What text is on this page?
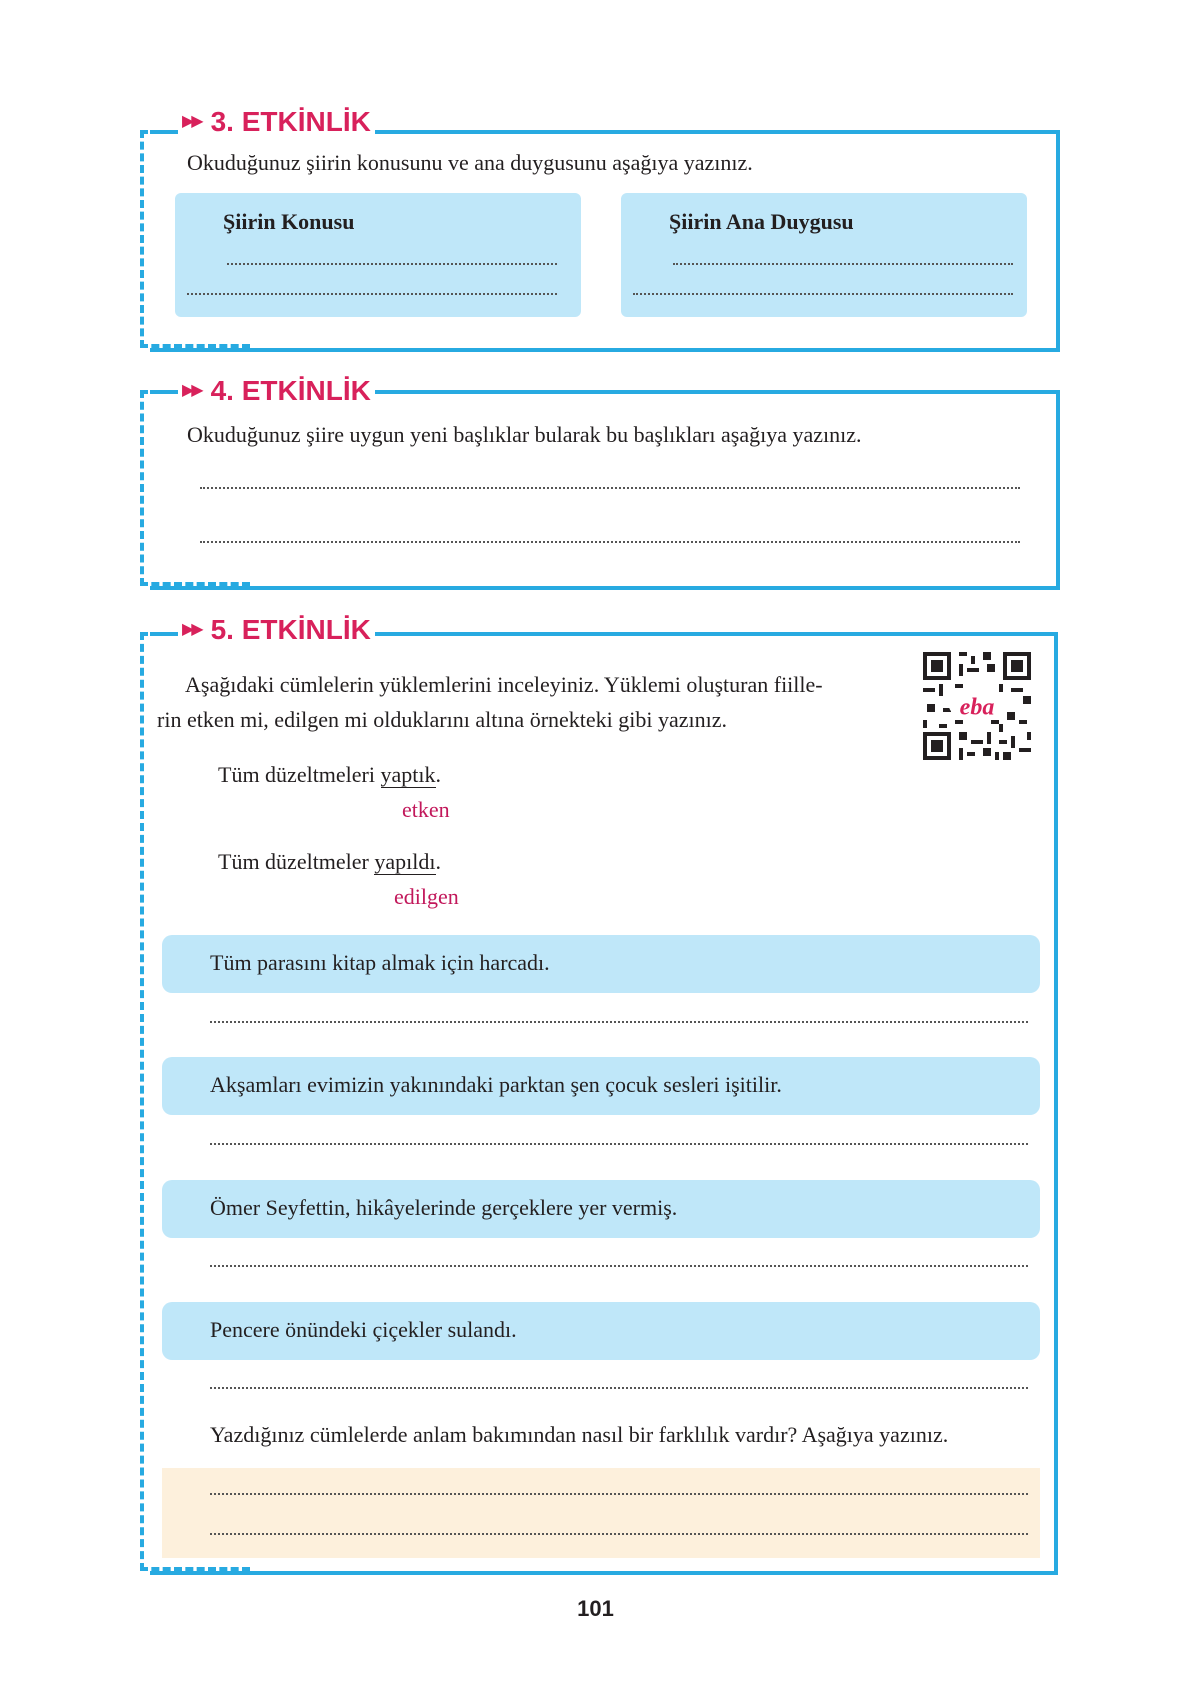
▶▶ 3. ETKİNLİK
Okuduğunuz şiirin konusunu ve ana duygusunu aşağıya yazınız.
Şiirin Konusu	Şiirin Ana Duygusu
▶▶ 4. ETKİNLİK
Okuduğunuz şiire uygun yeni başlıklar bularak bu başlıkları aşağıya yazınız.
▶▶ 5. ETKİNLİK
Aşağıdaki cümlelerin yüklemlerini inceleyiniz. Yüklemi oluşturan fiille-
rin etken mi, edilgen mi olduklarını altına örnekteki gibi yazınız.	eba
Tüm düzeltmeleri yaptık.
etken
Tüm düzeltmeler yapıldı.
edilgen
Tüm parasını kitap almak için harcadı.
Akşamları evimizin yakınındaki parktan şen çocuk sesleri işitilir.
Ömer Seyfettin, hikâyelerinde gerçeklere yer vermiş.
Pencere önündeki çiçekler sulandı.
Yazdığınız cümlelerde anlam bakımından nasıl bir farklılık vardır? Aşağıya yazınız.
101
